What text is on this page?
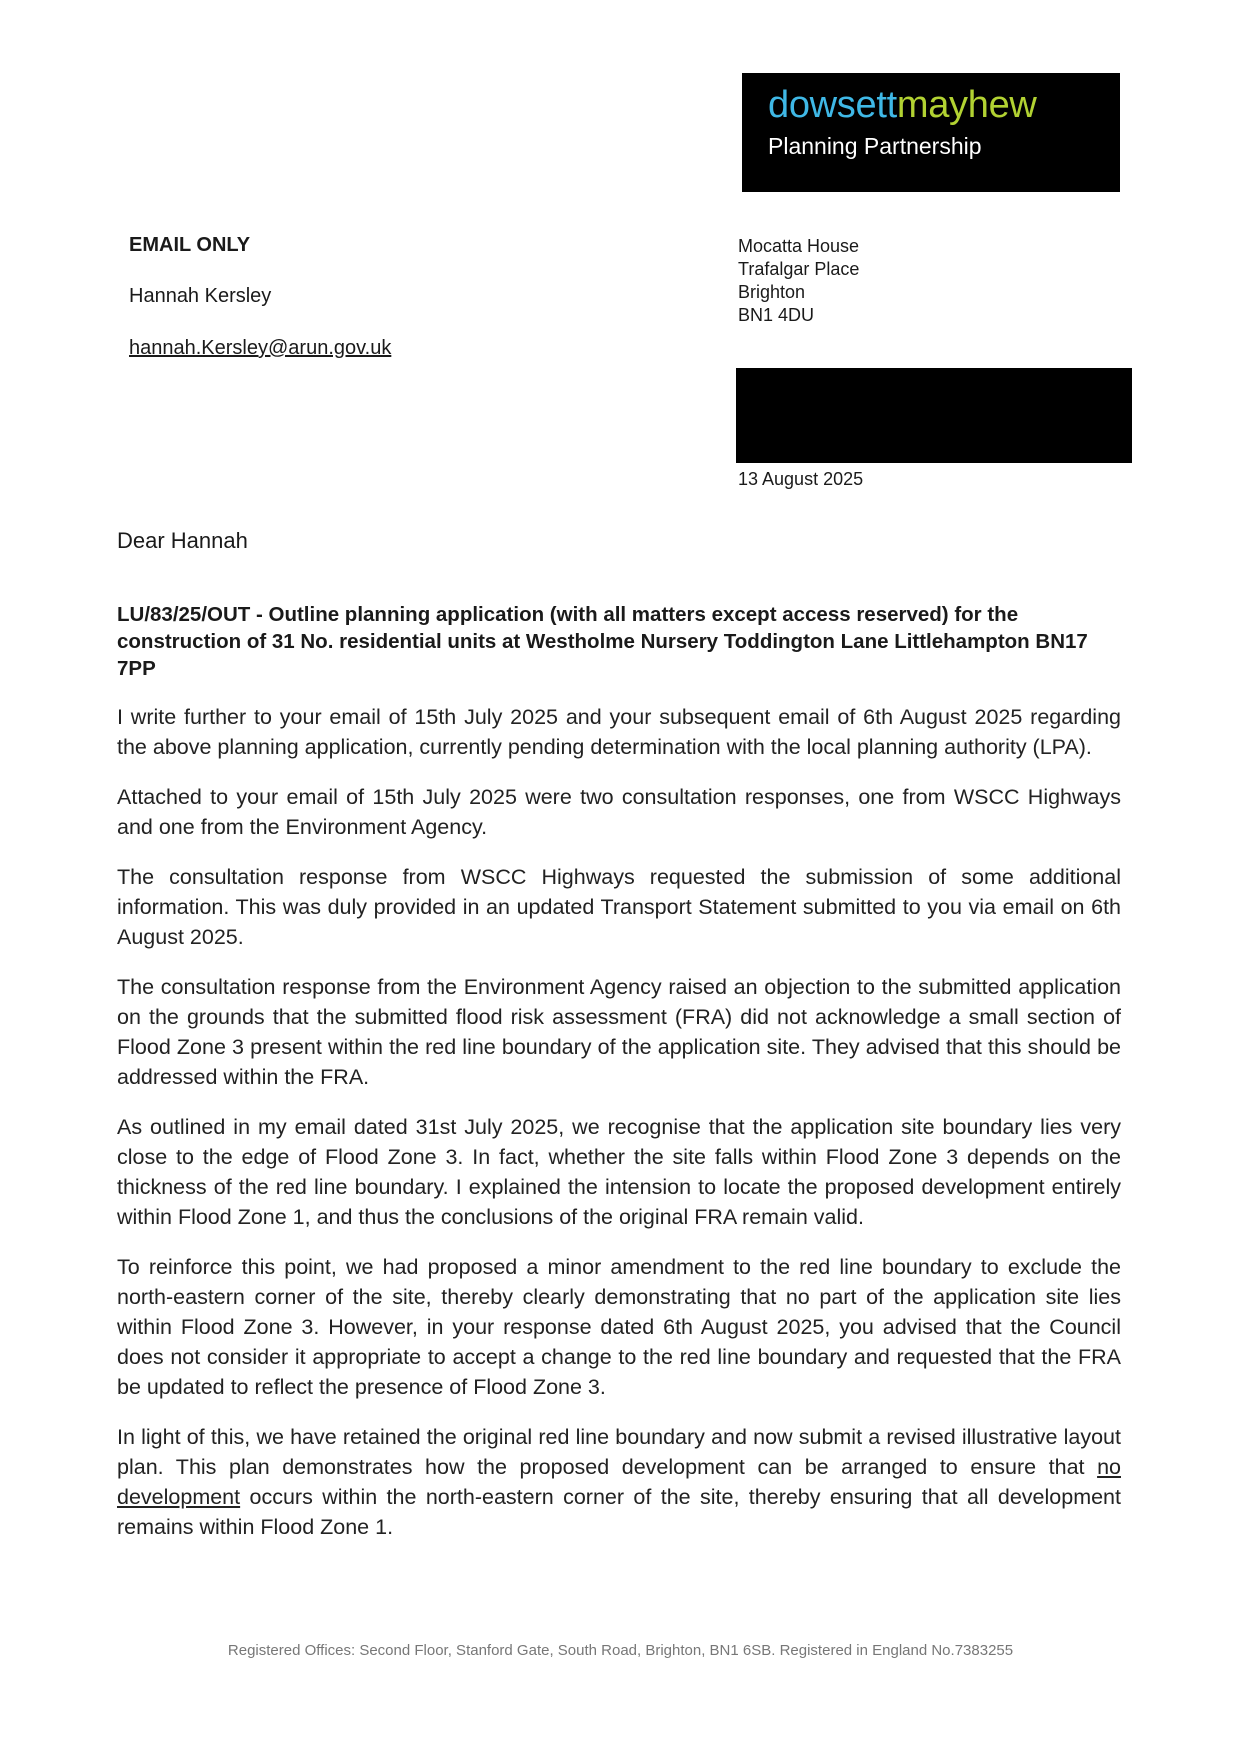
dowsettmayhew
Planning Partnership
EMAIL ONLY
Hannah Kersley
hannah.Kersley@arun.gov.uk
Mocatta House
Trafalgar Place
Brighton
BN1 4DU
13 August 2025
Dear Hannah
LU/83/25/OUT - Outline planning application (with all matters except access reserved) for the construction of 31 No. residential units at Westholme Nursery Toddington Lane Littlehampton BN17 7PP

I write further to your email of 15th July 2025 and your subsequent email of 6th August 2025 regarding the above planning application, currently pending determination with the local planning authority (LPA).

Attached to your email of 15th July 2025 were two consultation responses, one from WSCC Highways and one from the Environment Agency.

The consultation response from WSCC Highways requested the submission of some additional information. This was duly provided in an updated Transport Statement submitted to you via email on 6th August 2025.

The consultation response from the Environment Agency raised an objection to the submitted application on the grounds that the submitted flood risk assessment (FRA) did not acknowledge a small section of Flood Zone 3 present within the red line boundary of the application site. They advised that this should be addressed within the FRA.

As outlined in my email dated 31st July 2025, we recognise that the application site boundary lies very close to the edge of Flood Zone 3. In fact, whether the site falls within Flood Zone 3 depends on the thickness of the red line boundary. I explained the intension to locate the proposed development entirely within Flood Zone 1, and thus the conclusions of the original FRA remain valid.

To reinforce this point, we had proposed a minor amendment to the red line boundary to exclude the north-eastern corner of the site, thereby clearly demonstrating that no part of the application site lies within Flood Zone 3. However, in your response dated 6th August 2025, you advised that the Council does not consider it appropriate to accept a change to the red line boundary and requested that the FRA be updated to reflect the presence of Flood Zone 3.

In light of this, we have retained the original red line boundary and now submit a revised illustrative layout plan. This plan demonstrates how the proposed development can be arranged to ensure that no development occurs within the north-eastern corner of the site, thereby ensuring that all development remains within Flood Zone 1.

Registered Offices: Second Floor, Stanford Gate, South Road, Brighton, BN1 6SB. Registered in England No.7383255
